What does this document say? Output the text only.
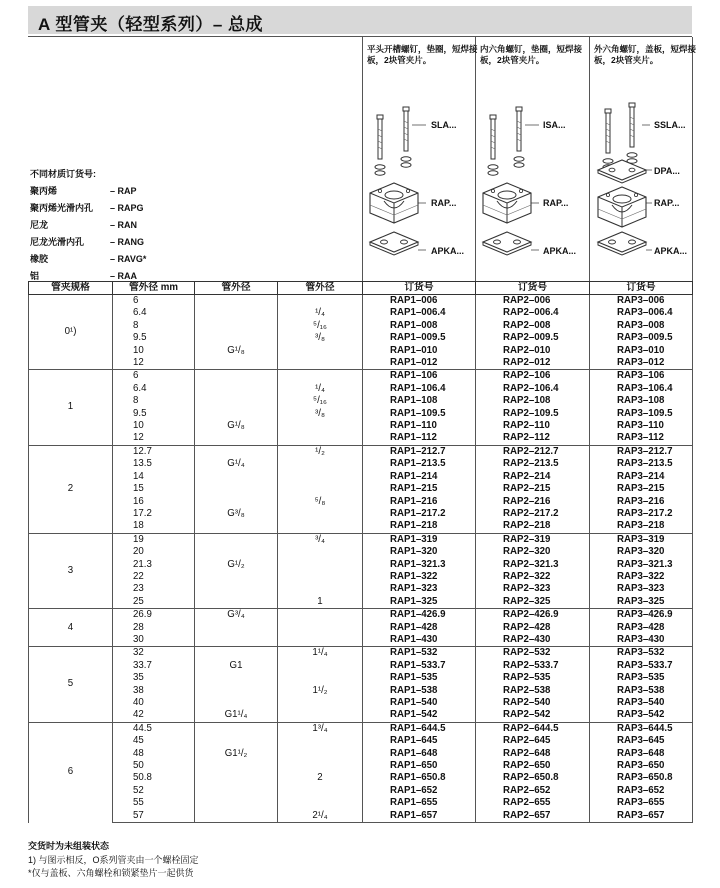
A 型管夹（轻型系列）– 总成
平头开槽螺钉，垫圈，短焊接板，2块管夹片。
内六角螺钉，垫圈，短焊接板，2块管夹片。
外六角螺钉，盖板，短焊接板，2块管夹片。
SLA...
RAP...
APKA...
ISA...
RAP...
APKA...
SSLA...
DPA...
RAP...
APKA...
不同材质订货号:
聚丙烯	– RAP
聚丙烯光滑内孔	– RAPG
尼龙	– RAN
尼龙光滑内孔	– RANG
橡胶	– RAVG*
铝	– RAA
管夹规格	管外径 mm	管外径	管外径	订货号	订货号	订货号
0¹)	6			RAP1–006	RAP2–006	RAP3–006
	6.4		¹/₄	RAP1–006.4	RAP2–006.4	RAP3–006.4
	8		⁵/₁₆	RAP1–008	RAP2–008	RAP3–008
	9.5		³/₈	RAP1–009.5	RAP2–009.5	RAP3–009.5
	10	G¹/₈		RAP1–010	RAP2–010	RAP3–010
	12			RAP1–012	RAP2–012	RAP3–012
1	6			RAP1–106	RAP2–106	RAP3–106
	6.4		¹/₄	RAP1–106.4	RAP2–106.4	RAP3–106.4
	8		⁵/₁₆	RAP1–108	RAP2–108	RAP3–108
	9.5		³/₈	RAP1–109.5	RAP2–109.5	RAP3–109.5
	10	G¹/₈		RAP1–110	RAP2–110	RAP3–110
	12			RAP1–112	RAP2–112	RAP3–112
2	12.7		¹/₂	RAP1–212.7	RAP2–212.7	RAP3–212.7
	13.5	G¹/₄		RAP1–213.5	RAP2–213.5	RAP3–213.5
	14			RAP1–214	RAP2–214	RAP3–214
	15			RAP1–215	RAP2–215	RAP3–215
	16		⁵/₈	RAP1–216	RAP2–216	RAP3–216
	17.2	G³/₈		RAP1–217.2	RAP2–217.2	RAP3–217.2
	18			RAP1–218	RAP2–218	RAP3–218
3	19		³/₄	RAP1–319	RAP2–319	RAP3–319
	20			RAP1–320	RAP2–320	RAP3–320
	21.3	G¹/₂		RAP1–321.3	RAP2–321.3	RAP3–321.3
	22			RAP1–322	RAP2–322	RAP3–322
	23			RAP1–323	RAP2–323	RAP3–323
	25		1	RAP1–325	RAP2–325	RAP3–325
4	26.9	G³/₄		RAP1–426.9	RAP2–426.9	RAP3–426.9
	28			RAP1–428	RAP2–428	RAP3–428
	30			RAP1–430	RAP2–430	RAP3–430
5	32		1¹/₄	RAP1–532	RAP2–532	RAP3–532
	33.7	G1		RAP1–533.7	RAP2–533.7	RAP3–533.7
	35			RAP1–535	RAP2–535	RAP3–535
	38		1¹/₂	RAP1–538	RAP2–538	RAP3–538
	40			RAP1–540	RAP2–540	RAP3–540
	42	G1¹/₄		RAP1–542	RAP2–542	RAP3–542
6	44.5		1³/₄	RAP1–644.5	RAP2–644.5	RAP3–644.5
	45			RAP1–645	RAP2–645	RAP3–645
	48	G1¹/₂		RAP1–648	RAP2–648	RAP3–648
	50			RAP1–650	RAP2–650	RAP3–650
	50.8		2	RAP1–650.8	RAP2–650.8	RAP3–650.8
	52			RAP1–652	RAP2–652	RAP3–652
	55			RAP1–655	RAP2–655	RAP3–655
	57		2¹/₄	RAP1–657	RAP2–657	RAP3–657
交货时为未组装状态
1) 与图示相反，O系列管夹由一个螺栓固定
*仅与盖板、六角螺栓和锁紧垫片一起供货
